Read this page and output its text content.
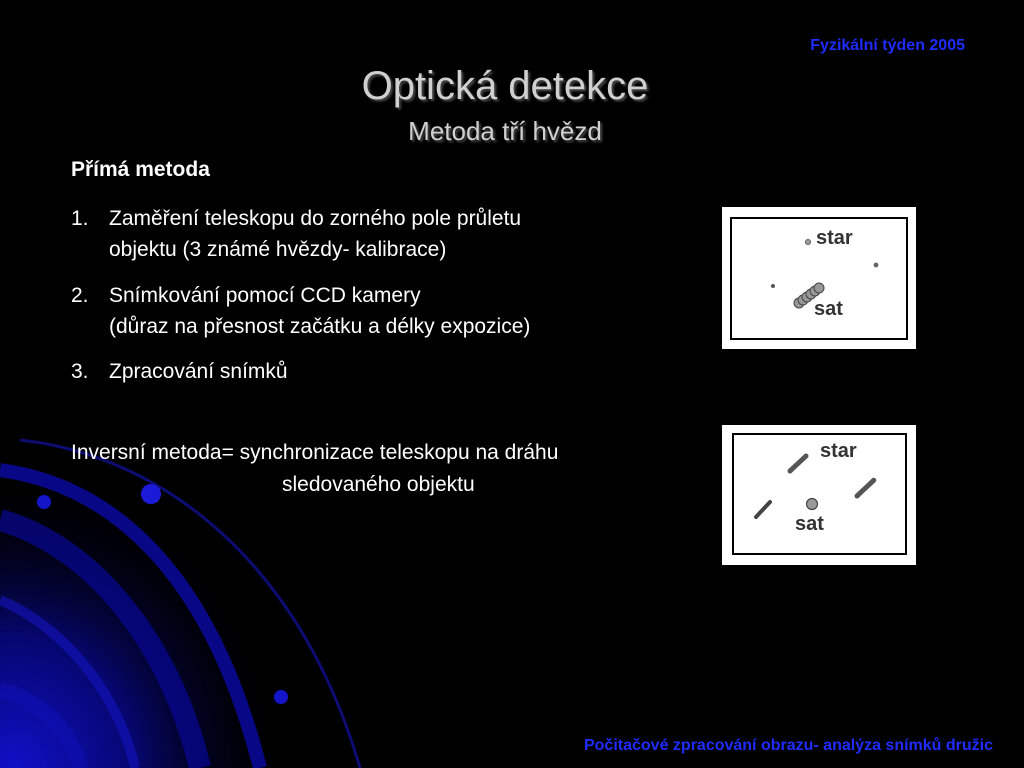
Fyzikální týden 2005
Optická detekce
Metoda tří hvězd
Přímá metoda
1. Zaměření teleskopu do zorného pole průletu
objektu (3 známé hvězdy- kalibrace)
2. Snímkování pomocí CCD kamery
(důraz na přesnost začátku a délky expozice)
3. Zpracování snímků
Inversní metoda= synchronizace teleskopu na dráhu
sledovaného objektu
star
sat
star
sat
Počitačové zpracování obrazu- analýza snímků družic
